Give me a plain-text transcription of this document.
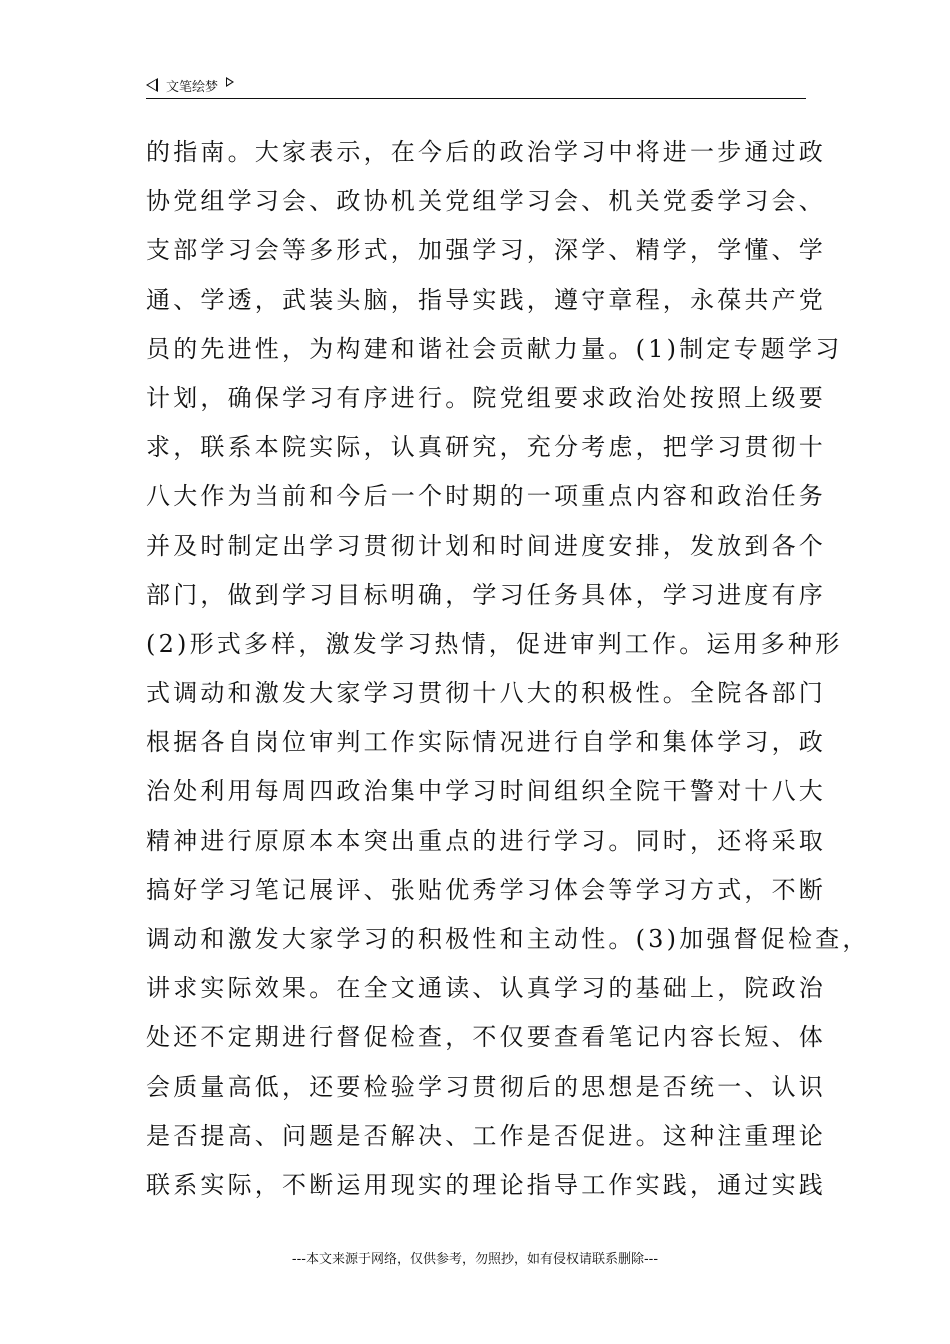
文笔绘梦
的指南。大家表示，在今后的政治学习中将进一步通过政
协党组学习会、政协机关党组学习会、机关党委学习会、
支部学习会等多形式，加强学习，深学、精学，学懂、学
通、学透，武装头脑，指导实践，遵守章程，永葆共产党
员的先进性，为构建和谐社会贡献力量。(1)制定专题学习
计划，确保学习有序进行。院党组要求政治处按照上级要
求，联系本院实际，认真研究，充分考虑，把学习贯彻十
八大作为当前和今后一个时期的一项重点内容和政治任务
并及时制定出学习贯彻计划和时间进度安排，发放到各个
部门，做到学习目标明确，学习任务具体，学习进度有序
(2)形式多样，激发学习热情，促进审判工作。运用多种形
式调动和激发大家学习贯彻十八大的积极性。全院各部门
根据各自岗位审判工作实际情况进行自学和集体学习，政
治处利用每周四政治集中学习时间组织全院干警对十八大
精神进行原原本本突出重点的进行学习。同时，还将采取
搞好学习笔记展评、张贴优秀学习体会等学习方式，不断
调动和激发大家学习的积极性和主动性。(3)加强督促检查，
讲求实际效果。在全文通读、认真学习的基础上，院政治
处还不定期进行督促检查，不仅要查看笔记内容长短、体
会质量高低，还要检验学习贯彻后的思想是否统一、认识
是否提高、问题是否解决、工作是否促进。这种注重理论
联系实际，不断运用现实的理论指导工作实践，通过实践
---本文来源于网络，仅供参考，勿照抄，如有侵权请联系删除---
